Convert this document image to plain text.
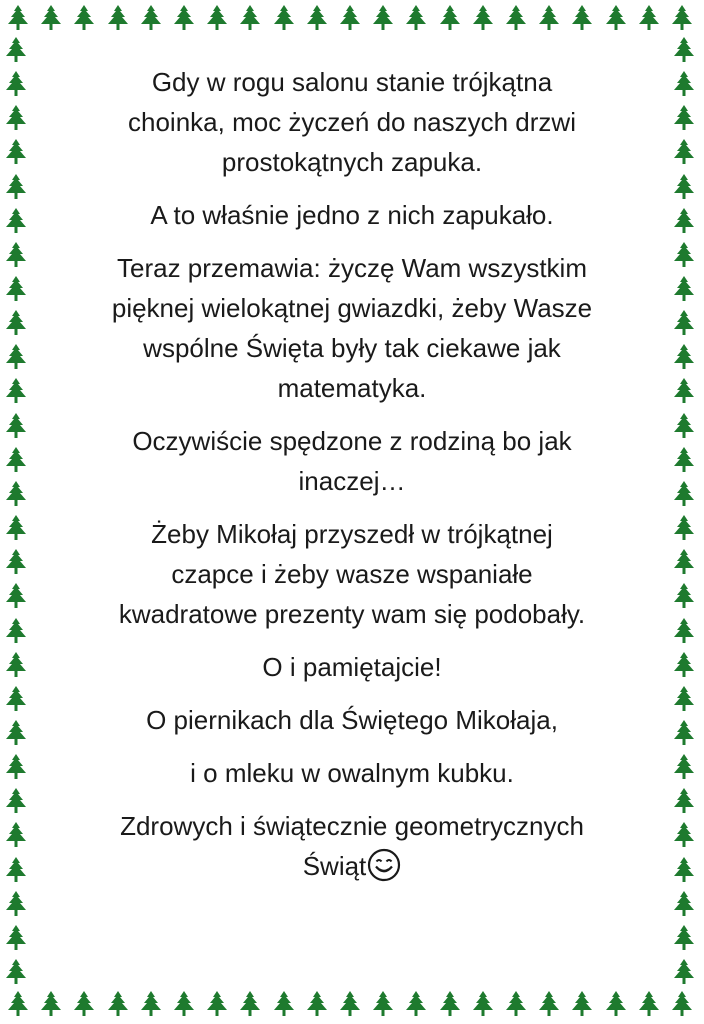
Gdy w rogu salonu stanie trójkątna
choinka, moc życzeń do naszych drzwi
prostokątnych zapuka.

A to właśnie jedno z nich zapukało.

Teraz przemawia: życzę Wam wszystkim
pięknej wielokątnej gwiazdki, żeby Wasze
wspólne Święta były tak ciekawe jak
matematyka.

Oczywiście spędzone z rodziną bo jak
inaczej…

Żeby Mikołaj przyszedł w trójkątnej
czapce i żeby wasze wspaniałe
kwadratowe prezenty wam się podobały.

O i pamiętajcie!

O piernikach dla Świętego Mikołaja,

i o mleku w owalnym kubku.

Zdrowych i świątecznie geometrycznych
Świąt
